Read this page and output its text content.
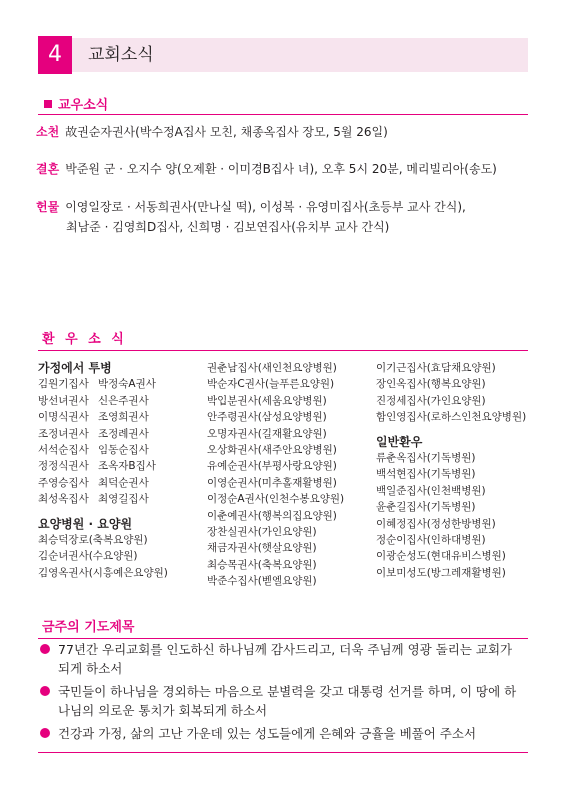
4	교회소식
교우소식
소천 故권순자권사(박수정A집사 모친, 채종옥집사 장모, 5월 26일)
결혼 박준원 군 · 오지수 양(오제환 · 이미경B집사 녀), 오후 5시 20분, 메리빌리아(송도)
헌물 이영일장로 · 서동희권사(만나실 떡), 이성복 · 유영미집사(초등부 교사 간식),
최남준 · 김영희D집사, 신희명 · 김보연집사(유치부 교사 간식)
환 우 소 식
가정에서 투병
김원기집사 박정숙A권사
방선녀권사 신은주권사
이명식권사 조영희권사
조정녀권사 조정례권사
서석순집사 임동순집사
정정식권사 조옥자B집사
주영승집사 최덕순권사
최성옥집사 최영길집사
요양병원 · 요양원
최승덕장로(축복요양원)
김순녀권사(수요양원)
김영옥권사(시흥예은요양원)
권춘남집사(새인천요양병원)
박순자C권사(늘푸른요양원)
박입분권사(세움요양병원)
안주령권사(삼성요양병원)
오명자권사(길재활요양원)
오상화권사(새주안요양병원)
유예순권사(부평사랑요양원)
이영순권사(미추홀재활병원)
이정순A권사(인천수봉요양원)
이춘예권사(행복의집요양원)
장찬실권사(가인요양원)
채금자권사(햇살요양원)
최승목권사(축복요양원)
박준수집사(벧엘요양원)
이기근집사(효담채요양원)
장인옥집사(행복요양원)
진정세집사(가인요양원)
함인영집사(로하스인천요양병원)
일반환우
류춘옥집사(기독병원)
백석현집사(기독병원)
백일준집사(인천백병원)
윤춘길집사(기독병원)
이혜정집사(정성한방병원)
정순이집사(인하대병원)
이광순성도(현대유비스병원)
이보미성도(방그레재활병원)
금주의 기도제목
77년간 우리교회를 인도하신 하나님께 감사드리고, 더욱 주님께 영광 돌리는 교회가 되게 하소서
국민들이 하나님을 경외하는 마음으로 분별력을 갖고 대통령 선거를 하며, 이 땅에 하나님의 의로운 통치가 회복되게 하소서
건강과 가정, 삶의 고난 가운데 있는 성도들에게 은혜와 긍휼을 베풀어 주소서
